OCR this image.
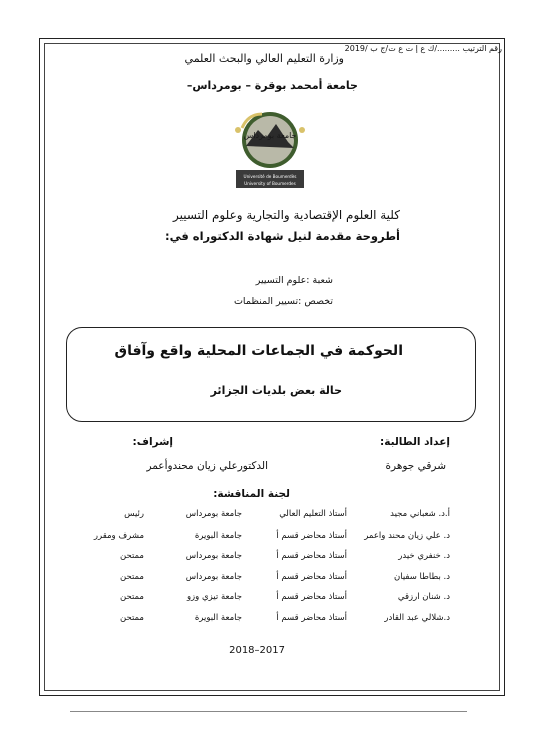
رقم الترتيب ........./ك ع إ ت ع ت/ج ب /2019
وزارة التعليم العالي والبحث العلمي
جامعة أمحمد بوقرة – بومرداس–
جامعة بومرداس
Université de Boumerdès
University of Boumerdes
كلية العلوم الإقتصادية والتجارية وعلوم التسيير
أطروحة مقدمة لنيل شهادة الدكتوراه في:
شعبة :علوم التسيير
تخصص :تسيير المنظمات
الحوكمة في الجماعات المحلية واقع وآفاق
حالة بعض بلديات الجزائر
إعداد الطالبة:
إشراف:
شرقي جوهرة
الدكتورعلي زيان محندوأعمر
لجنة المناقشة:
أ.د. شعباني مجيد
أستاذ التعليم العالي
جامعة بومرداس
رئيس
د. علي زيان محند واعمر
أستاذ محاضر قسم أ
جامعة البويرة
مشرف ومقرر
د. خنفري خيدر
أستاذ محاضر قسم أ
جامعة بومرداس
ممتحن
د. بطاطا سفيان
أستاذ محاضر قسم أ
جامعة بومرداس
ممتحن
د. شنان ارزقي
أستاذ محاضر قسم أ
جامعة تيزي وزو
ممتحن
د.شلالي عبد القادر
أستاذ محاضر قسم أ
جامعة البويرة
ممتحن
2018–2017
